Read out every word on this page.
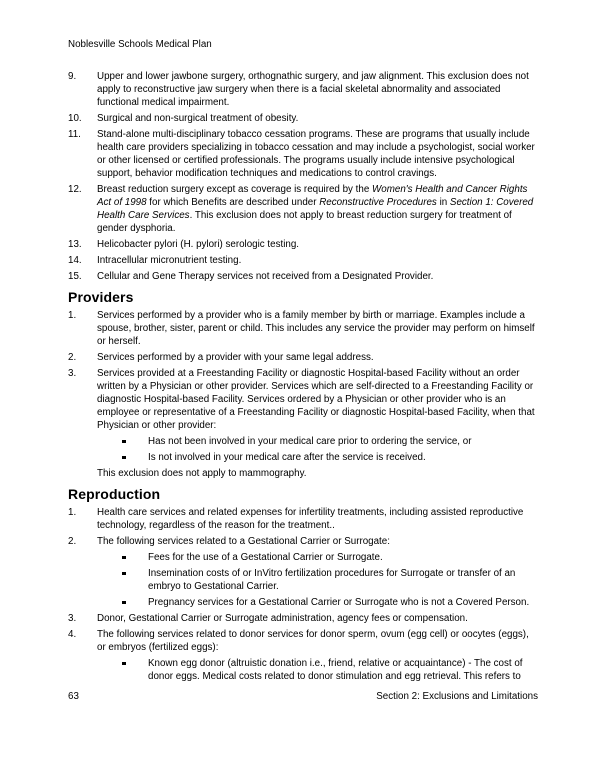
Noblesville Schools Medical Plan
9.	Upper and lower jawbone surgery, orthognathic surgery, and jaw alignment. This exclusion does not apply to reconstructive jaw surgery when there is a facial skeletal abnormality and associated functional medical impairment.
10.	Surgical and non-surgical treatment of obesity.
11.	Stand-alone multi-disciplinary tobacco cessation programs. These are programs that usually include health care providers specializing in tobacco cessation and may include a psychologist, social worker or other licensed or certified professionals. The programs usually include intensive psychological support, behavior modification techniques and medications to control cravings.
12.	Breast reduction surgery except as coverage is required by the Women's Health and Cancer Rights Act of 1998 for which Benefits are described under Reconstructive Procedures in Section 1: Covered Health Care Services. This exclusion does not apply to breast reduction surgery for treatment of gender dysphoria.
13.	Helicobacter pylori (H. pylori) serologic testing.
14.	Intracellular micronutrient testing.
15.	Cellular and Gene Therapy services not received from a Designated Provider.
Providers
1.	Services performed by a provider who is a family member by birth or marriage. Examples include a spouse, brother, sister, parent or child. This includes any service the provider may perform on himself or herself.
2.	Services performed by a provider with your same legal address.
3.	Services provided at a Freestanding Facility or diagnostic Hospital-based Facility without an order written by a Physician or other provider. Services which are self-directed to a Freestanding Facility or diagnostic Hospital-based Facility. Services ordered by a Physician or other provider who is an employee or representative of a Freestanding Facility or diagnostic Hospital-based Facility, when that Physician or other provider:
Has not been involved in your medical care prior to ordering the service, or
Is not involved in your medical care after the service is received.
This exclusion does not apply to mammography.
Reproduction
1.	Health care services and related expenses for infertility treatments, including assisted reproductive technology, regardless of the reason for the treatment..
2.	The following services related to a Gestational Carrier or Surrogate:
Fees for the use of a Gestational Carrier or Surrogate.
Insemination costs of or InVitro fertilization procedures for Surrogate or transfer of an embryo to Gestational Carrier.
Pregnancy services for a Gestational Carrier or Surrogate who is not a Covered Person.
3.	Donor, Gestational Carrier or Surrogate administration, agency fees or compensation.
4.	The following services related to donor services for donor sperm, ovum (egg cell) or oocytes (eggs), or embryos (fertilized eggs):
Known egg donor (altruistic donation i.e., friend, relative or acquaintance) - The cost of donor eggs. Medical costs related to donor stimulation and egg retrieval. This refers to
63	Section 2: Exclusions and Limitations
